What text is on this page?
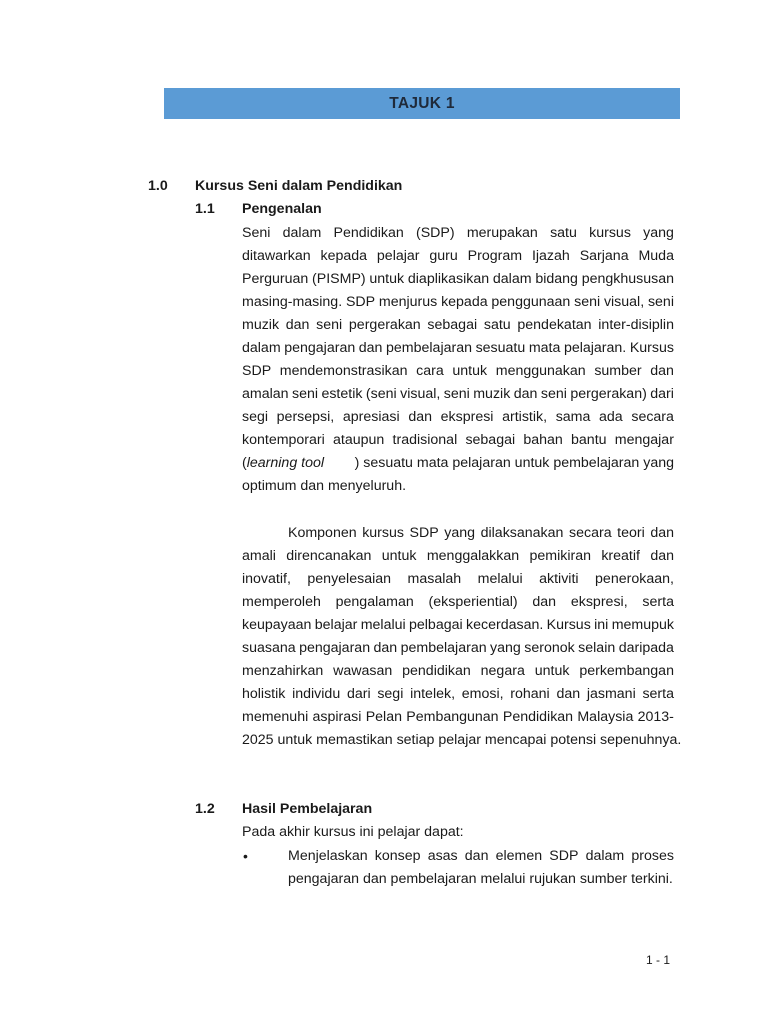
TAJUK 1
1.0 Kursus Seni dalam Pendidikan
1.1 Pengenalan
Seni dalam Pendidikan (SDP) merupakan satu kursus yang
ditawarkan kepada pelajar guru Program Ijazah Sarjana Muda
Perguruan (PISMP) untuk diaplikasikan dalam bidang pengkhususan
masing-masing. SDP menjurus kepada penggunaan seni visual, seni
muzik dan seni pergerakan sebagai satu pendekatan inter-disiplin
dalam pengajaran dan pembelajaran sesuatu mata pelajaran. Kursus
SDP mendemonstrasikan cara untuk menggunakan sumber dan
amalan seni estetik (seni visual, seni muzik dan seni pergerakan) dari
segi persepsi, apresiasi dan ekspresi artistik, sama ada secara
kontemporari ataupun tradisional sebagai bahan bantu mengajar
(learning tool ) sesuatu mata pelajaran untuk pembelajaran yang
optimum dan menyeluruh.
Komponen kursus SDP yang dilaksanakan secara teori dan
amali direncanakan untuk menggalakkan pemikiran kreatif dan
inovatif, penyelesaian masalah melalui aktiviti penerokaan,
memperoleh pengalaman (eksperiential) dan ekspresi, serta
keupayaan belajar melalui pelbagai kecerdasan. Kursus ini memupuk
suasana pengajaran dan pembelajaran yang seronok selain daripada
menzahirkan wawasan pendidikan negara untuk perkembangan
holistik individu dari segi intelek, emosi, rohani dan jasmani serta
memenuhi aspirasi Pelan Pembangunan Pendidikan Malaysia 2013-
2025 untuk memastikan setiap pelajar mencapai potensi sepenuhnya.
1.2 Hasil Pembelajaran
Pada akhir kursus ini pelajar dapat:
•	Menjelaskan konsep asas dan elemen SDP dalam proses
pengajaran dan pembelajaran melalui rujukan sumber terkini.
1 - 1
